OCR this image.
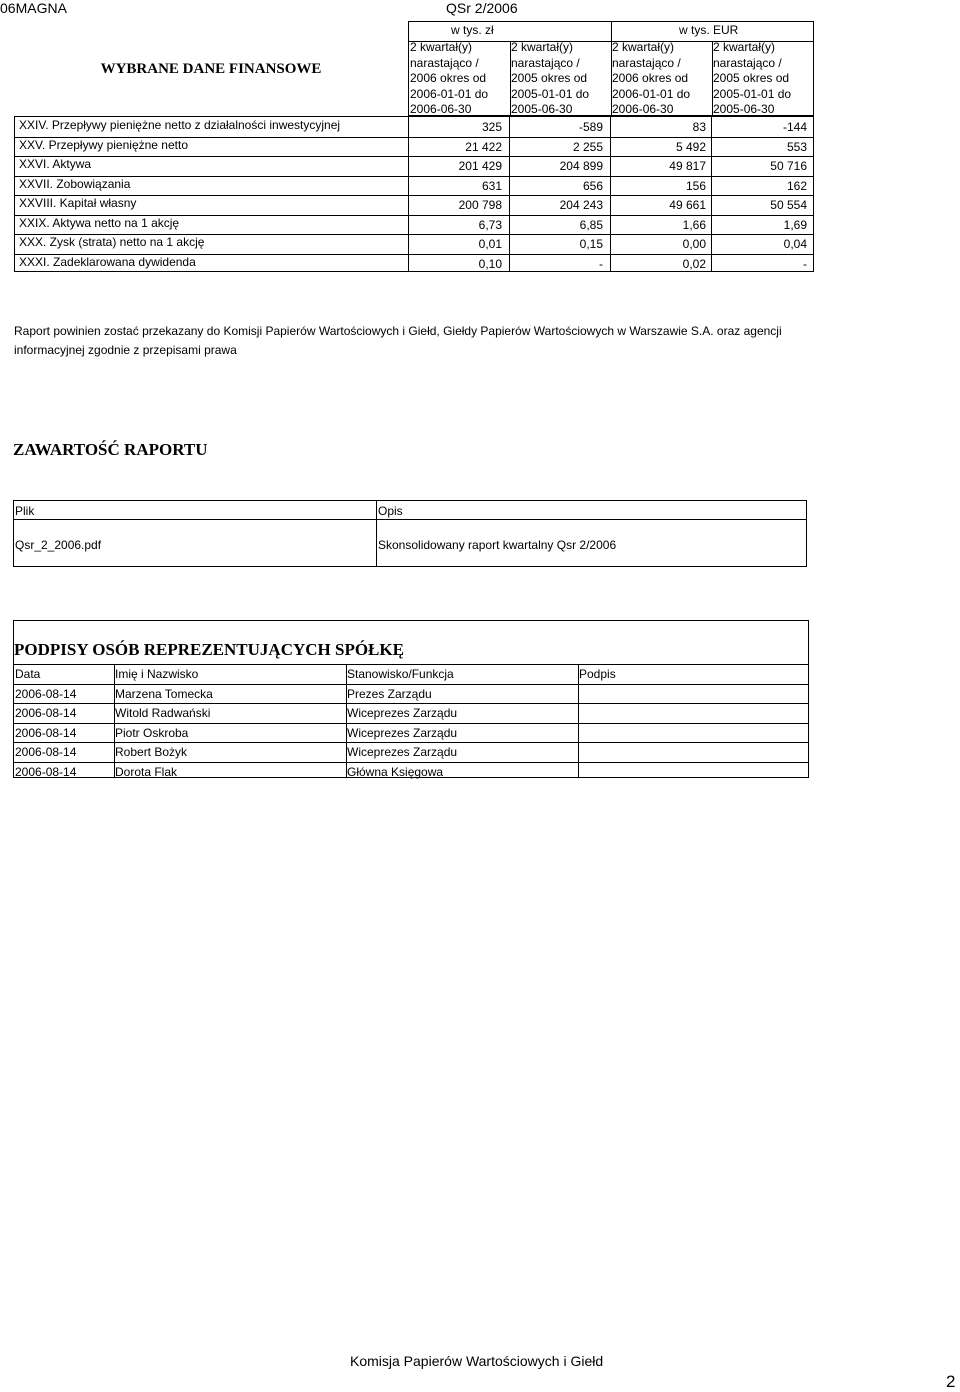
06MAGNA	QSr 2/2006
WYBRANE DANE FINANSOWE
w tys. zł	w tys. EUR
2 kwartał(y)
narastająco /
2006 okres od
2006-01-01 do
2006-06-30
2 kwartał(y)
narastająco /
2005 okres od
2005-01-01 do
2005-06-30
2 kwartał(y)
narastająco /
2006 okres od
2006-01-01 do
2006-06-30
2 kwartał(y)
narastająco /
2005 okres od
2005-01-01 do
2005-06-30
XXIV. Przepływy pieniężne netto z działalności inwestycyjnej	325	-589	83	-144
XXV. Przepływy pieniężne netto	21 422	2 255	5 492	553
XXVI. Aktywa	201 429	204 899	49 817	50 716
XXVII. Zobowiązania	631	656	156	162
XXVIII. Kapitał własny	200 798	204 243	49 661	50 554
XXIX. Aktywa netto na 1 akcję	6,73	6,85	1,66	1,69
XXX. Zysk (strata) netto na 1 akcję	0,01	0,15	0,00	0,04
XXXI. Zadeklarowana dywidenda	0,10	-	0,02	-
Raport powinien zostać przekazany do Komisji Papierów Wartościowych i Giełd, Giełdy Papierów Wartościowych w Warszawie S.A. oraz agencji informacyjnej zgodnie z przepisami prawa
ZAWARTOŚĆ RAPORTU
Plik	Opis
Qsr_2_2006.pdf	Skonsolidowany raport kwartalny Qsr 2/2006
PODPISY OSÓB REPREZENTUJĄCYCH SPÓŁKĘ
Data	Imię i Nazwisko	Stanowisko/Funkcja	Podpis
2006-08-14	Marzena Tomecka	Prezes Zarządu
2006-08-14	Witold Radwański	Wiceprezes Zarządu
2006-08-14	Piotr Oskroba	Wiceprezes Zarządu
2006-08-14	Robert Bożyk	Wiceprezes Zarządu
2006-08-14	Dorota Flak	Główna Księgowa
Komisja Papierów Wartościowych i Giełd
2
